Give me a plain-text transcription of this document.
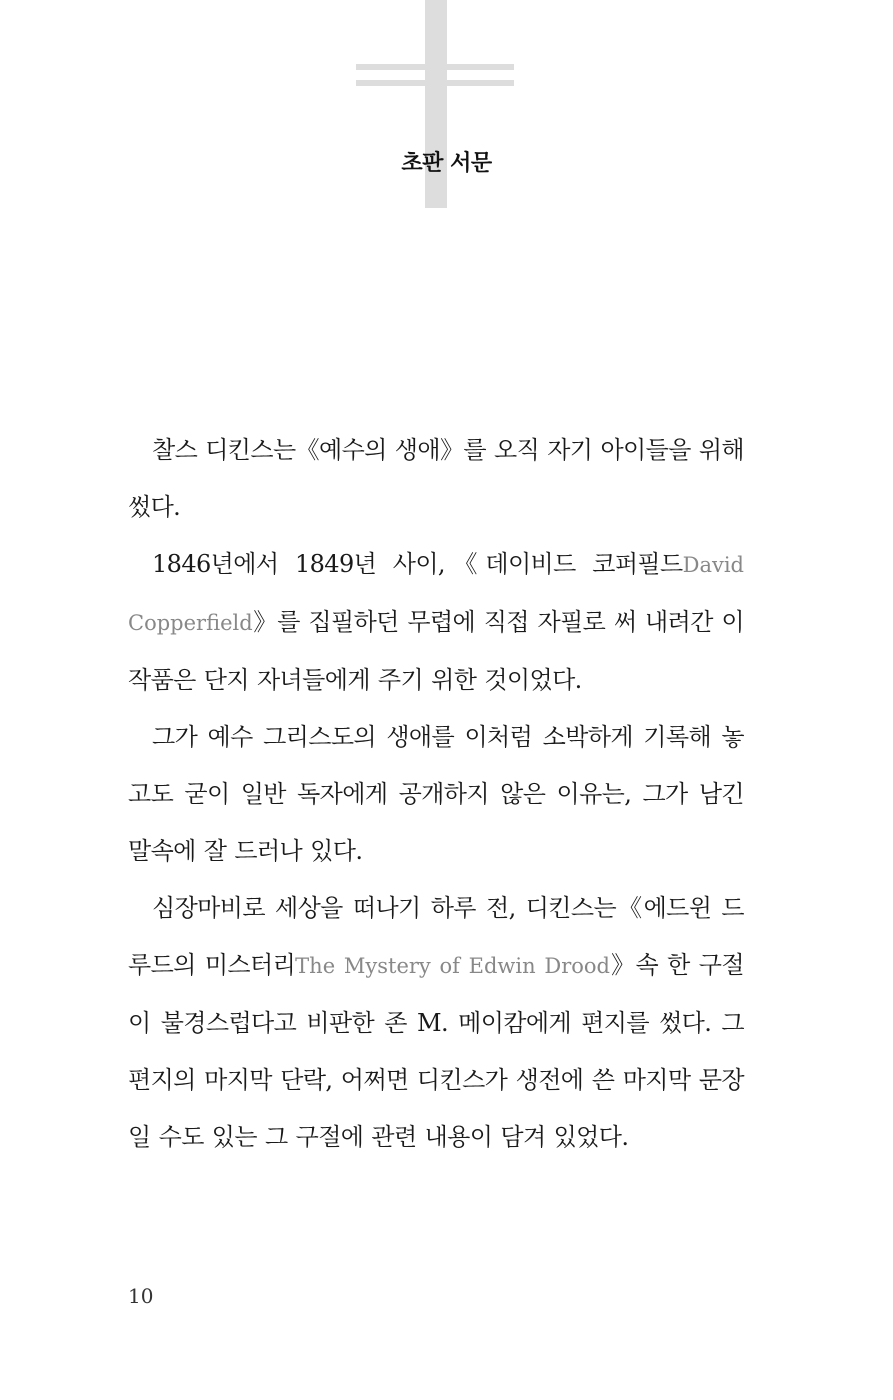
초판 서문

찰스 디킨스는《예수의 생애》를 오직 자기 아이들을 위해 썼다.

1846년에서 1849년 사이,《데이비드 코퍼필드David Copperfield》를 집필하던 무렵에 직접 자필로 써 내려간 이 작품은 단지 자녀들에게 주기 위한 것이었다.

그가 예수 그리스도의 생애를 이처럼 소박하게 기록해 놓고도 굳이 일반 독자에게 공개하지 않은 이유는, 그가 남긴 말속에 잘 드러나 있다.

심장마비로 세상을 떠나기 하루 전, 디킨스는《에드윈 드루드의 미스터리The Mystery of Edwin Drood》속 한 구절이 불경스럽다고 비판한 존 M. 메이캄에게 편지를 썼다. 그 편지의 마지막 단락, 어쩌면 디킨스가 생전에 쓴 마지막 문장일 수도 있는 그 구절에 관련 내용이 담겨 있었다.

10
